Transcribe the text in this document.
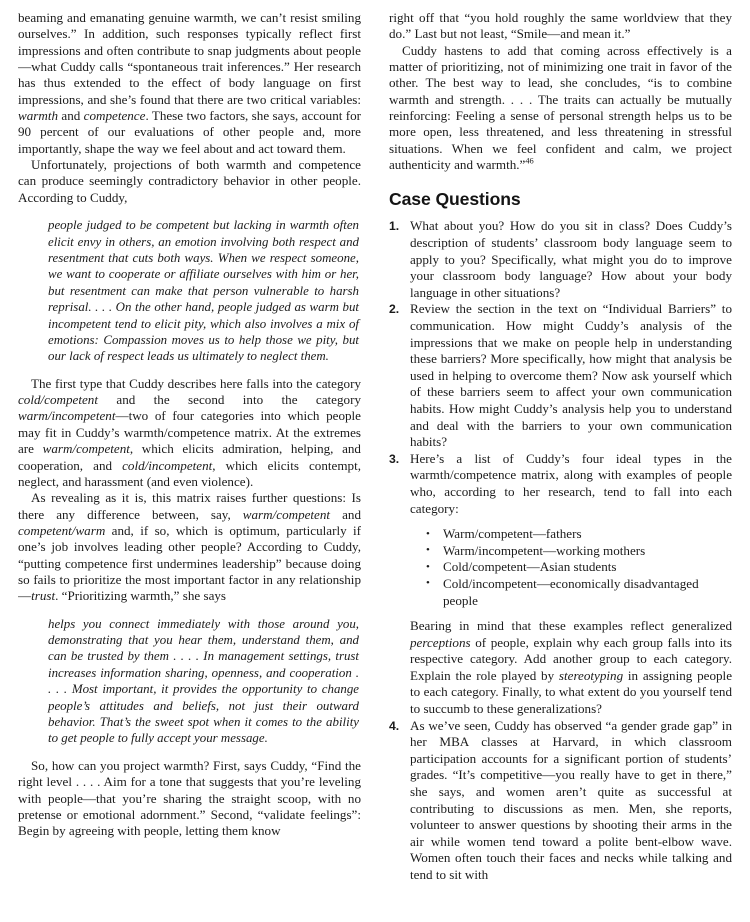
beaming and emanating genuine warmth, we can’t resist smiling ourselves.” In addition, such responses typically reflect first impressions and often contribute to snap judgments about people—what Cuddy calls “spontaneous trait inferences.” Her research has thus extended to the effect of body language on first impressions, and she’s found that there are two critical variables: warmth and competence. These two factors, she says, account for 90 percent of our evaluations of other people and, more importantly, shape the way we feel about and act toward them.

Unfortunately, projections of both warmth and competence can produce seemingly contradictory behavior in other people. According to Cuddy,

people judged to be competent but lacking in warmth often elicit envy in others, an emotion involving both respect and resentment that cuts both ways. When we respect someone, we want to cooperate or affiliate ourselves with him or her, but resentment can make that person vulnerable to harsh reprisal. . . . On the other hand, people judged as warm but incompetent tend to elicit pity, which also involves a mix of emotions: Compassion moves us to help those we pity, but our lack of respect leads us ultimately to neglect them.

The first type that Cuddy describes here falls into the category cold/competent and the second into the category warm/incompetent—two of four categories into which people may fit in Cuddy’s warmth/competence matrix. At the extremes are warm/competent, which elicits admiration, helping, and cooperation, and cold/incompetent, which elicits contempt, neglect, and harassment (and even violence).

As revealing as it is, this matrix raises further questions: Is there any difference between, say, warm/competent and competent/warm and, if so, which is optimum, particularly if one’s job involves leading other people? According to Cuddy, “putting competence first undermines leadership” because doing so fails to prioritize the most important factor in any relationship—trust. “Prioritizing warmth,” she says

helps you connect immediately with those around you, demonstrating that you hear them, understand them, and can be trusted by them . . . . In management settings, trust increases information sharing, openness, and cooperation . . . . Most important, it provides the opportunity to change people’s attitudes and beliefs, not just their outward behavior. That’s the sweet spot when it comes to the ability to get people to fully accept your message.

So, how can you project warmth? First, says Cuddy, “Find the right level . . . . Aim for a tone that suggests that you’re leveling with people—that you’re sharing the straight scoop, with no pretense or emotional adornment.” Second, “validate feelings”: Begin by agreeing with people, letting them know

right off that “you hold roughly the same worldview that they do.” Last but not least, “Smile—and mean it.”

Cuddy hastens to add that coming across effectively is a matter of prioritizing, not of minimizing one trait in favor of the other. The best way to lead, she concludes, “is to combine warmth and strength. . . . The traits can actually be mutually reinforcing: Feeling a sense of personal strength helps us to be more open, less threatened, and less threatening in stressful situations. When we feel confident and calm, we project authenticity and warmth.”$^{46}$

Case Questions
1. What about you? How do you sit in class? Does Cuddy’s description of students’ classroom body language seem to apply to you? Specifically, what might you do to improve your classroom body language? How about your body language in other situations?
2. Review the section in the text on “Individual Barriers” to communication. How might Cuddy’s analysis of the impressions that we make on people help in understanding these barriers? More specifically, how might that analysis be used in helping to overcome them? Now ask yourself which of these barriers seem to affect your own communication habits. How might Cuddy’s analysis help you to understand and deal with the barriers to your own communication habits?
3. Here’s a list of Cuddy’s four ideal types in the warmth/competence matrix, along with examples of people who, according to her research, tend to fall into each category:
• Warm/competent—fathers
• Warm/incompetent—working mothers
• Cold/competent—Asian students
• Cold/incompetent—economically disadvantaged people
Bearing in mind that these examples reflect generalized perceptions of people, explain why each group falls into its respective category. Add another group to each category. Explain the role played by stereotyping in assigning people to each category. Finally, to what extent do you yourself tend to succumb to these generalizations?
4. As we’ve seen, Cuddy has observed “a gender grade gap” in her MBA classes at Harvard, in which classroom participation accounts for a significant portion of students’ grades. “It’s competitive—you really have to get in there,” she says, and women aren’t quite as successful at contributing to discussions as men. Men, she reports, volunteer to answer questions by shooting their arms in the air while women tend toward a polite bent-elbow wave. Women often touch their faces and necks while talking and tend to sit with
